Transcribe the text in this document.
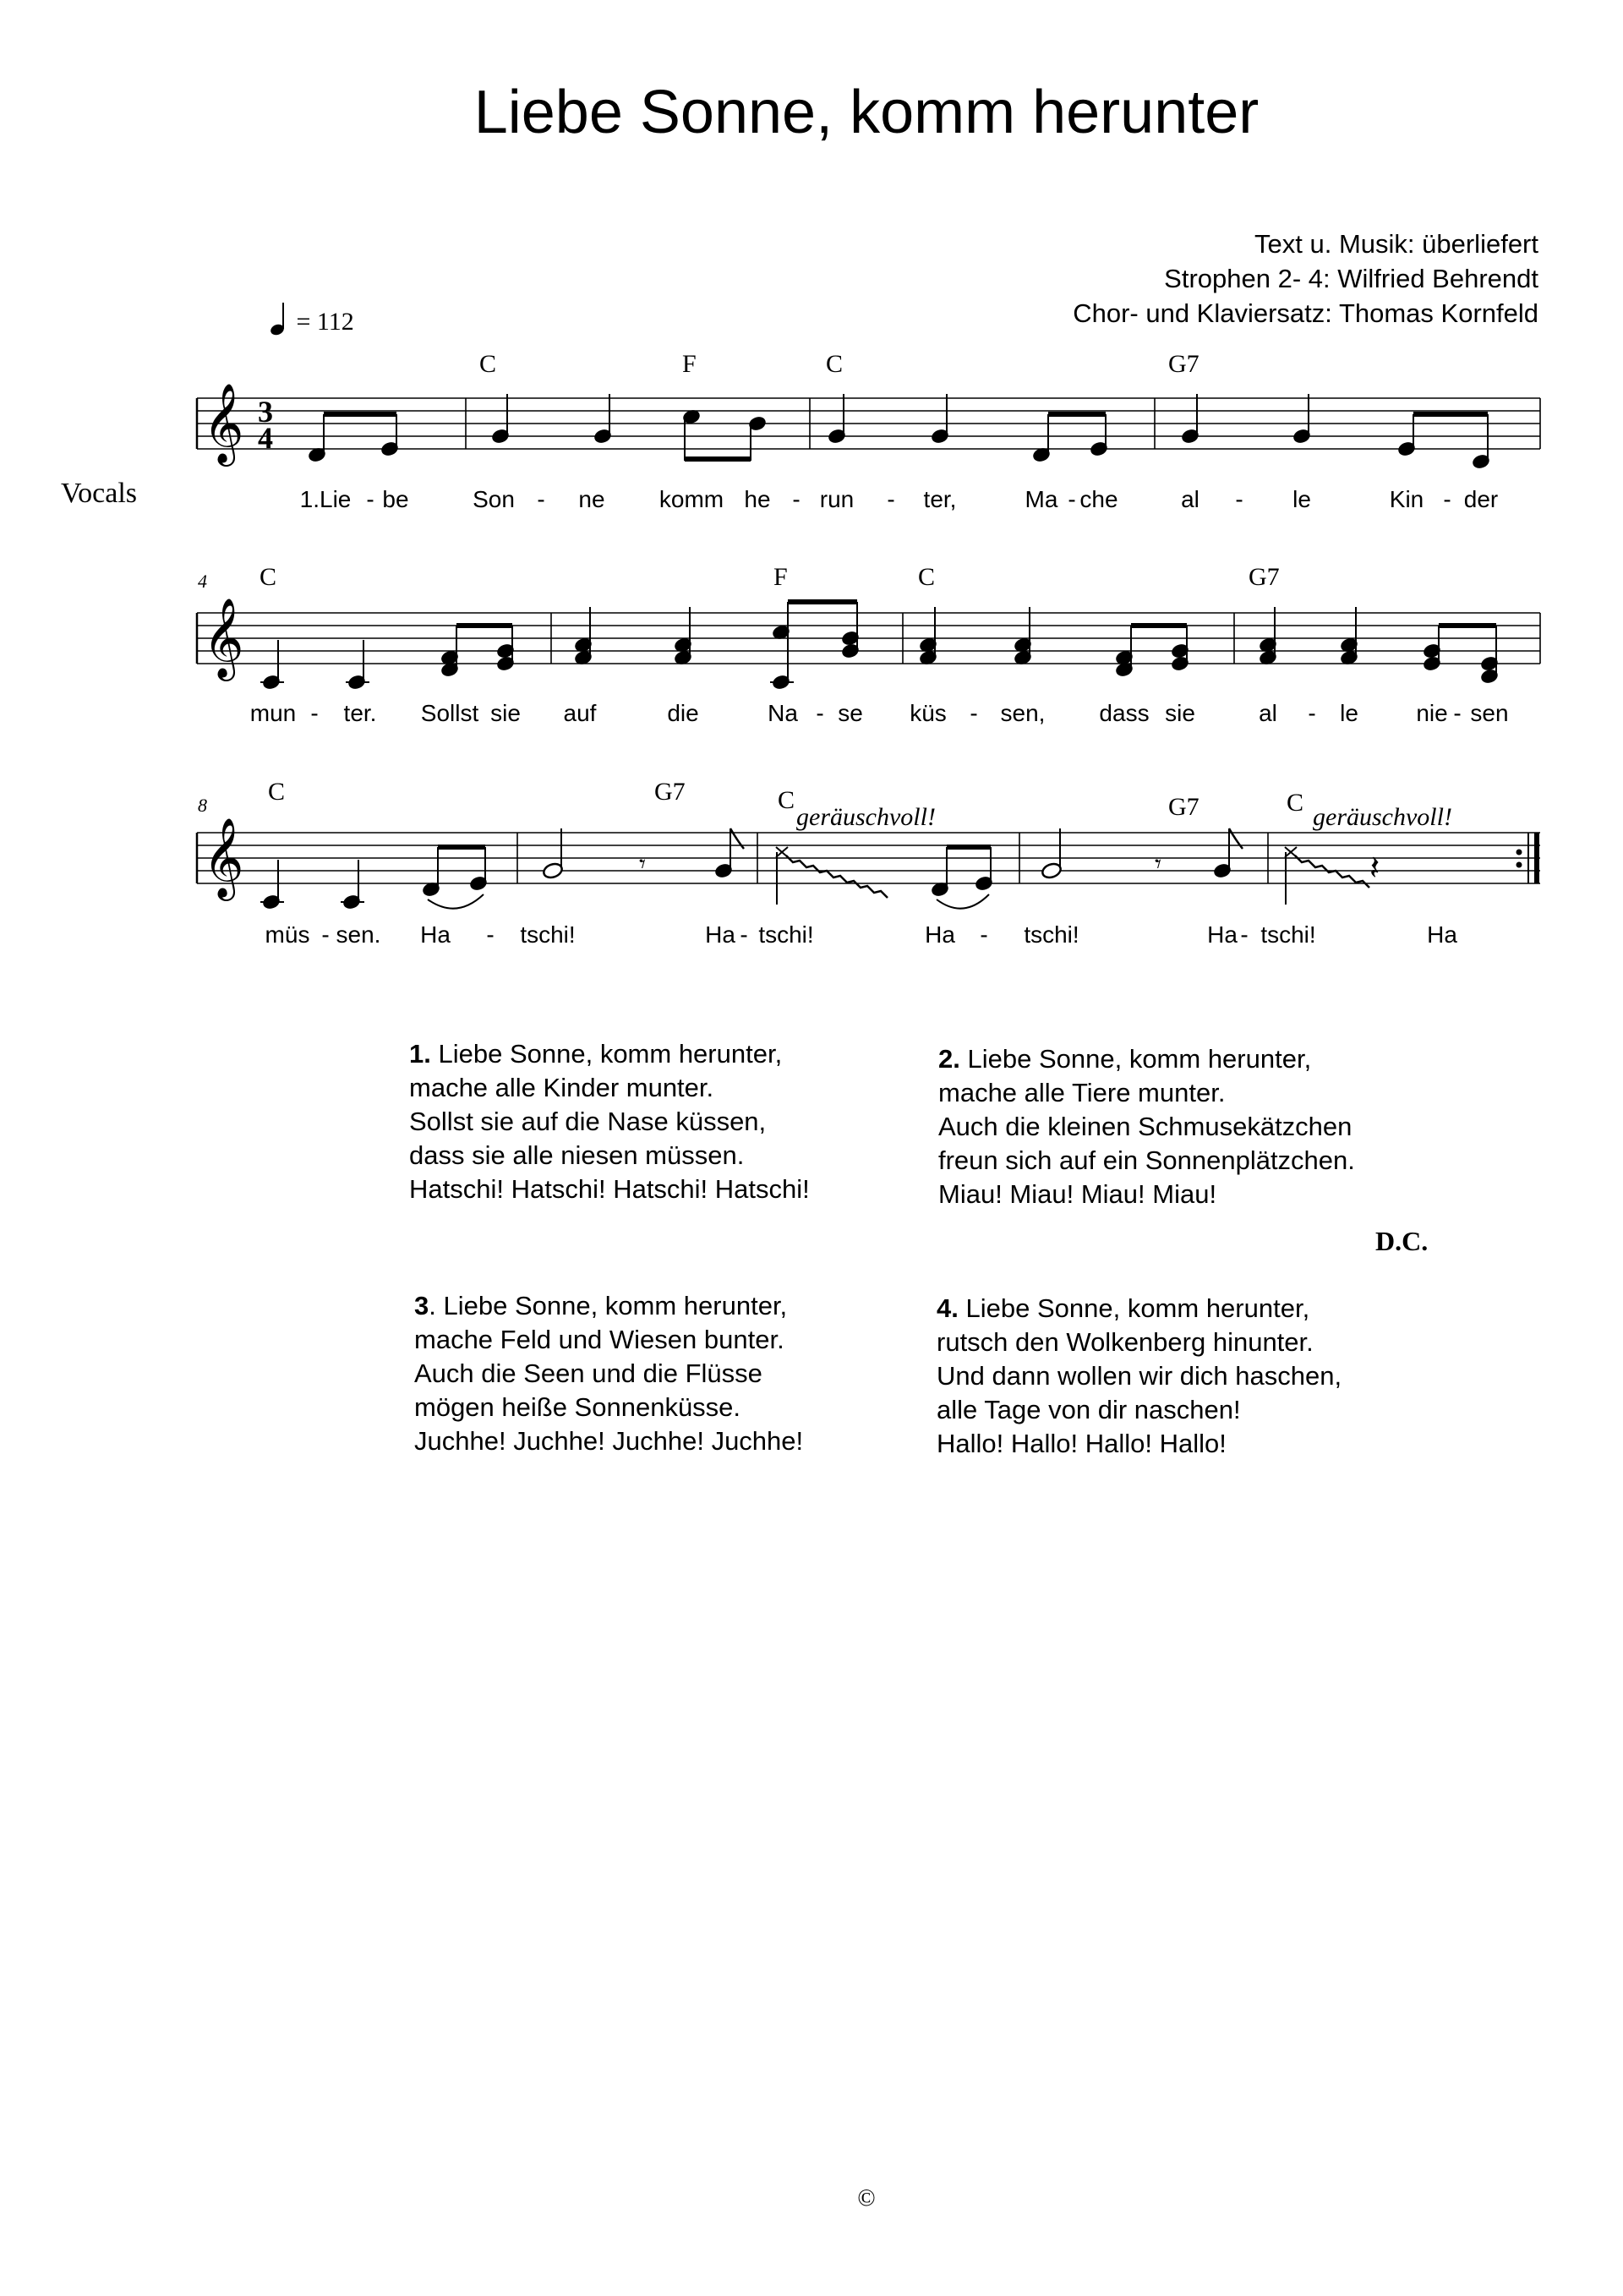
Liebe Sonne, komm herunter
Text u. Musik: überliefert
Strophen 2- 4: Wilfried Behrendt
Chor- und Klaviersatz: Thomas Kornfeld
= 112
Vocals
4
8
C	F	C	G7
C	F	C	G7
C	G7	C	G7	C
geräuschvoll!	geräuschvoll!
1.Lie - be	Son - ne komm he - run - ter,	Ma - che	al - le	Kin - der
mun - ter. Sollst sie auf	die	Na - se küs - sen, dass sie	al - le nie - sen
müs - sen. Ha - tschi!	Ha - tschi!	Ha - tschi!	Ha - tschi!	Ha
𝄞 3
4
𝄞
𝄞	𝄾	𝄾	𝄽
1. Liebe Sonne, komm herunter,
mache alle Kinder munter.
Sollst sie auf die Nase küssen,
dass sie alle niesen müssen.
Hatschi! Hatschi! Hatschi! Hatschi!
2. Liebe Sonne, komm herunter,
mache alle Tiere munter.
Auch die kleinen Schmusekätzchen
freun sich auf ein Sonnenplätzchen.
Miau! Miau! Miau! Miau!
D.C.
3. Liebe Sonne, komm herunter,
mache Feld und Wiesen bunter.
Auch die Seen und die Flüsse
mögen heiße Sonnenküsse.
Juchhe! Juchhe! Juchhe! Juchhe!
4. Liebe Sonne, komm herunter,
rutsch den Wolkenberg hinunter.
Und dann wollen wir dich haschen,
alle Tage von dir naschen!
Hallo! Hallo! Hallo! Hallo!
©
